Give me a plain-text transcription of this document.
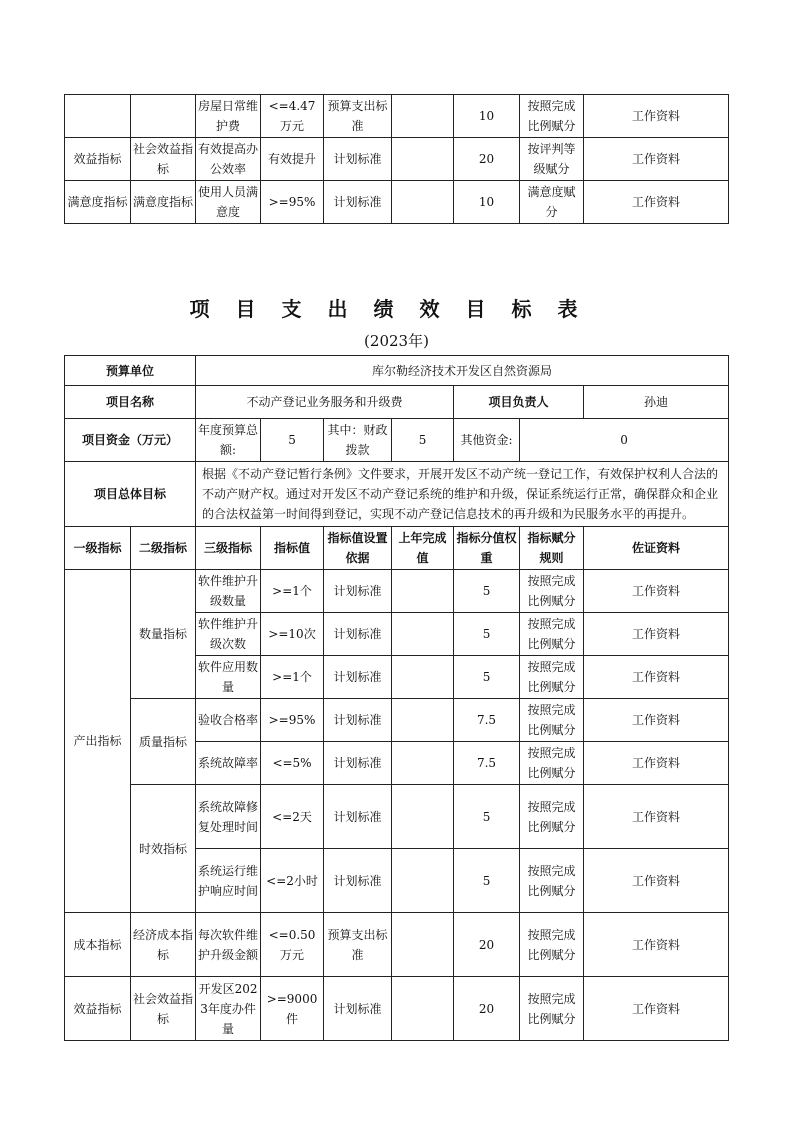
		房屋日常维护费	<=4.47万元	预算支出标准		10	按照完成比例赋分	工作资料
效益指标	社会效益指标	有效提高办公效率	有效提升	计划标准		20	按评判等级赋分	工作资料
满意度指标	满意度指标	使用人员满意度	>=95%	计划标准		10	满意度赋分	工作资料
项目支出绩效目标表
(2023年)
预算单位		库尔勒经济技术开发区自然资源局						
项目名称		不动产登记业务服务和升级费				项目负责人		孙迪
项目资金（万元）		年度预算总额:	5	其中：财政拨款	5	其他资金:	0	
项目总体目标		根据《不动产登记暂行条例》文件要求，开展开发区不动产统一登记工作，有效保护权利人合法的不动产财产权。通过对开发区不动产登记系统的维护和升级，保证系统运行正常，确保群众和企业的合法权益第一时间得到登记，实现不动产登记信息技术的再升级和为民服务水平的再提升。						
一级指标	二级指标	三级指标	指标值	指标值设置依据	上年完成值	指标分值权重	指标赋分规则	佐证资料
产出指标	数量指标	软件维护升级数量	>=1个	计划标准		5	按照完成比例赋分	工作资料
		软件维护升级次数	>=10次	计划标准		5	按照完成比例赋分	工作资料
		软件应用数量	>=1个	计划标准		5	按照完成比例赋分	工作资料
	质量指标	验收合格率	>=95%	计划标准		7.5	按照完成比例赋分	工作资料
		系统故障率	<=5%	计划标准		7.5	按照完成比例赋分	工作资料
	时效指标	系统故障修复处理时间	<=2天	计划标准		5	按照完成比例赋分	工作资料
		系统运行维护响应时间	<=2小时	计划标准		5	按照完成比例赋分	工作资料
成本指标	经济成本指标	每次软件维护升级金额	<=0.50万元	预算支出标准		20	按照完成比例赋分	工作资料
效益指标	社会效益指标	开发区2023年度办件量	>=9000件	计划标准		20	按照完成比例赋分	工作资料
